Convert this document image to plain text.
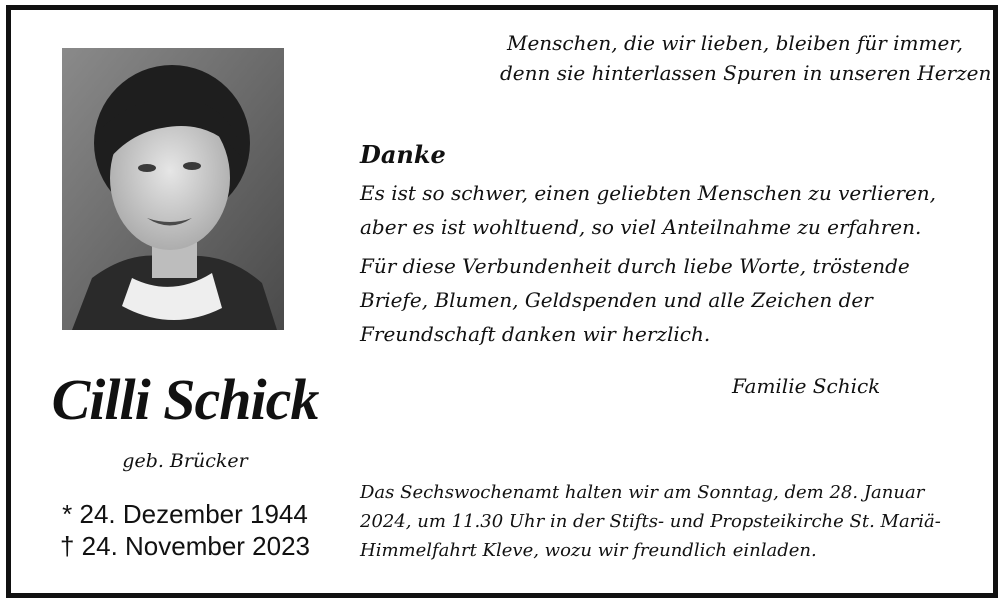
Menschen, die wir lieben, bleiben für immer,
denn sie hinterlassen Spuren in unseren Herzen.
Danke
Es ist so schwer, einen geliebten Menschen zu verlieren,
aber es ist wohltuend, so viel Anteilnahme zu erfahren.
Für diese Verbundenheit durch liebe Worte, tröstende
Briefe, Blumen, Geldspenden und alle Zeichen der
Freundschaft danken wir herzlich.
Familie Schick
Cilli Schick
geb. Brücker
* 24. Dezember 1944
† 24. November 2023
Das Sechswochenamt halten wir am Sonntag, dem 28. Januar
2024, um 11.30 Uhr in der Stifts- und Propsteikirche St. Mariä-
Himmelfahrt Kleve, wozu wir freundlich einladen.
